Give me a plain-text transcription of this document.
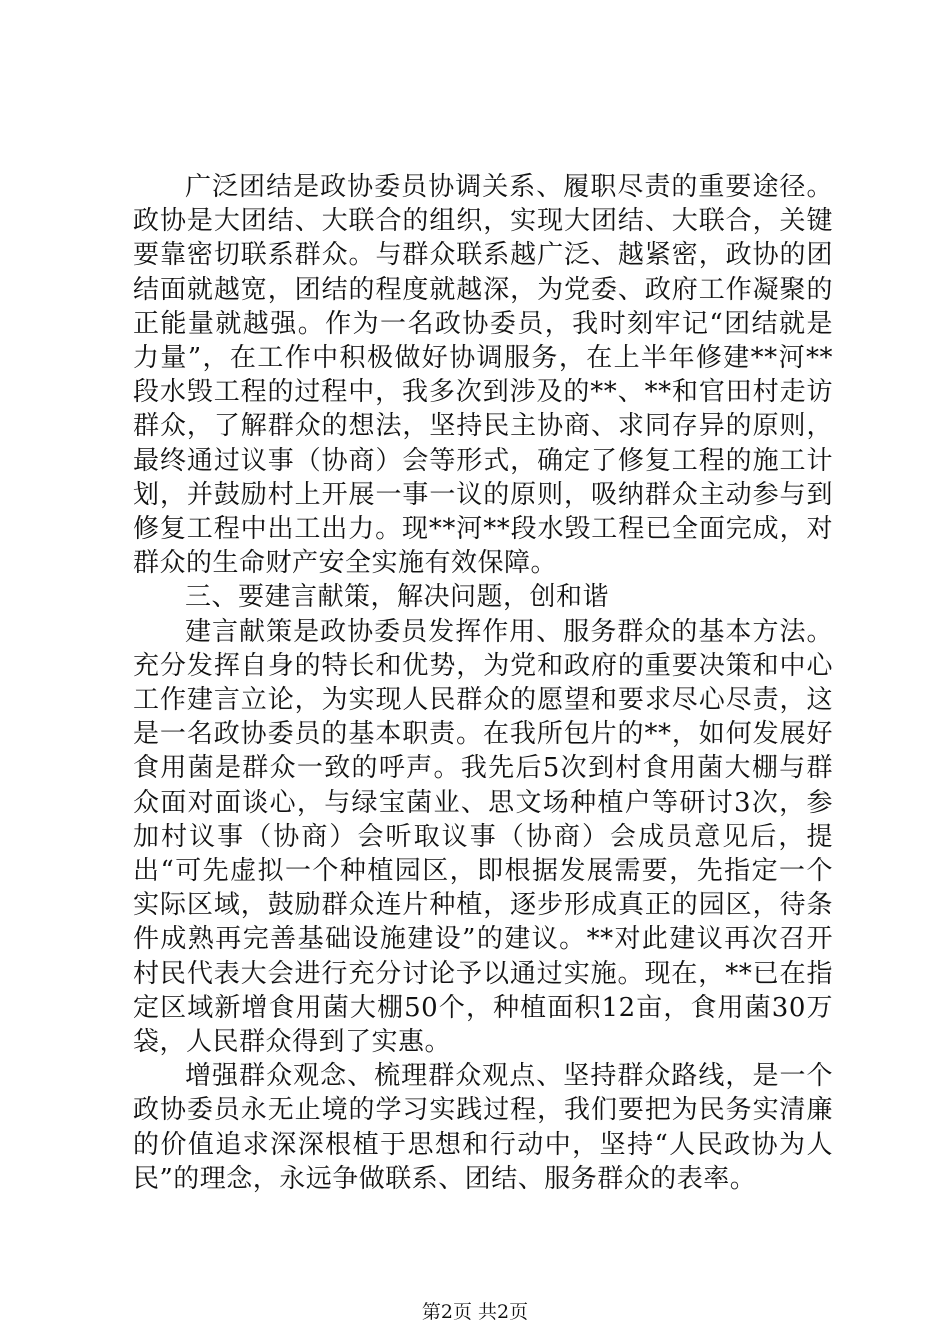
广泛团结是政协委员协调关系、履职尽责的重要途径。政协是大团结、大联合的组织，实现大团结、大联合，关键要靠密切联系群众。与群众联系越广泛、越紧密，政协的团结面就越宽，团结的程度就越深，为党委、政府工作凝聚的正能量就越强。作为一名政协委员，我时刻牢记“团结就是力量”，在工作中积极做好协调服务，在上半年修建**河**段水毁工程的过程中，我多次到涉及的**、**和官田村走访群众，了解群众的想法，坚持民主协商、求同存异的原则，最终通过议事（协商）会等形式，确定了修复工程的施工计划，并鼓励村上开展一事一议的原则，吸纳群众主动参与到修复工程中出工出力。现**河**段水毁工程已全面完成，对群众的生命财产安全实施有效保障。

三、要建言献策，解决问题，创和谐

建言献策是政协委员发挥作用、服务群众的基本方法。充分发挥自身的特长和优势，为党和政府的重要决策和中心工作建言立论，为实现人民群众的愿望和要求尽心尽责，这是一名政协委员的基本职责。在我所包片的**，如何发展好食用菌是群众一致的呼声。我先后5次到村食用菌大棚与群众面对面谈心，与绿宝菌业、思文场种植户等研讨3次，参加村议事（协商）会听取议事（协商）会成员意见后，提出“可先虚拟一个种植园区，即根据发展需要，先指定一个实际区域，鼓励群众连片种植，逐步形成真正的园区，待条件成熟再完善基础设施建设”的建议。**对此建议再次召开村民代表大会进行充分讨论予以通过实施。现在，**已在指定区域新增食用菌大棚50个，种植面积12亩，食用菌30万袋，人民群众得到了实惠。

增强群众观念、梳理群众观点、坚持群众路线，是一个政协委员永无止境的学习实践过程，我们要把为民务实清廉的价值追求深深根植于思想和行动中，坚持“人民政协为人民”的理念，永远争做联系、团结、服务群众的表率。

第2页 共2页
